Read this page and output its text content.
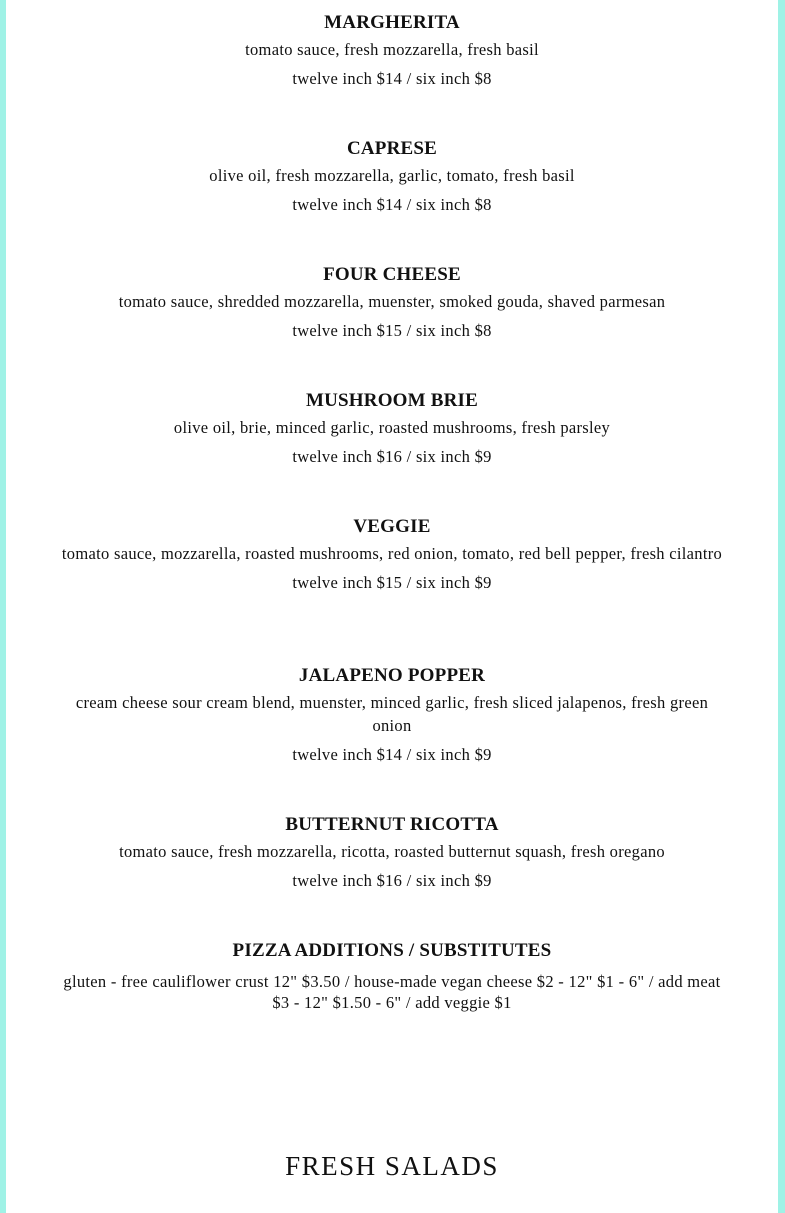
MARGHERITA
tomato sauce, fresh mozzarella, fresh basil
twelve inch $14 / six inch $8
CAPRESE
olive oil, fresh mozzarella, garlic, tomato, fresh basil
twelve inch $14 / six inch $8
FOUR CHEESE
tomato sauce, shredded mozzarella, muenster, smoked gouda, shaved parmesan
twelve inch $15 / six inch $8
MUSHROOM BRIE
olive oil, brie, minced garlic, roasted mushrooms, fresh parsley
twelve inch $16 / six inch $9
VEGGIE
tomato sauce, mozzarella, roasted mushrooms, red onion, tomato, red bell pepper, fresh cilantro
twelve inch $15 / six inch $9
JALAPENO POPPER
cream cheese sour cream blend, muenster, minced garlic, fresh sliced jalapenos, fresh green onion
twelve inch $14 / six inch $9
BUTTERNUT RICOTTA
tomato sauce, fresh mozzarella, ricotta, roasted butternut squash, fresh oregano
twelve inch $16 / six inch $9
PIZZA ADDITIONS / SUBSTITUTES
gluten - free cauliflower crust 12" $3.50 / house-made vegan cheese $2 - 12" $1 - 6" / add meat $3 - 12" $1.50 - 6" / add veggie $1
FRESH SALADS
